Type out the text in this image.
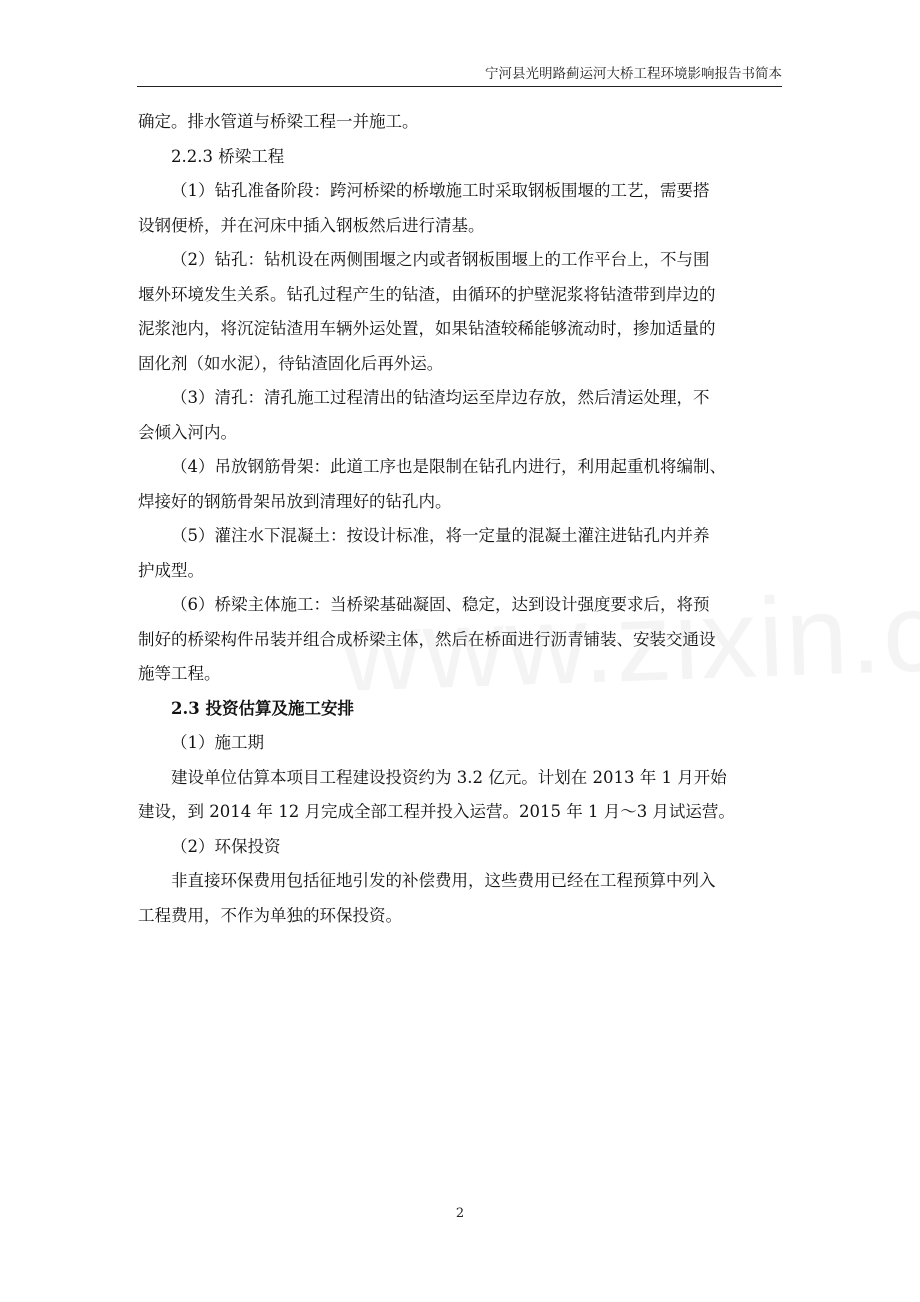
宁河县光明路蓟运河大桥工程环境影响报告书简本

确定。排水管道与桥梁工程一并施工。

2.2.3 桥梁工程

（1）钻孔准备阶段：跨河桥梁的桥墩施工时采取钢板围堰的工艺，需要搭
设钢便桥，并在河床中插入钢板然后进行清基。

（2）钻孔：钻机设在两侧围堰之内或者钢板围堰上的工作平台上，不与围
堰外环境发生关系。钻孔过程产生的钻渣，由循环的护壁泥浆将钻渣带到岸边的
泥浆池内，将沉淀钻渣用车辆外运处置，如果钻渣较稀能够流动时，掺加适量的
固化剂（如水泥），待钻渣固化后再外运。

（3）清孔：清孔施工过程清出的钻渣均运至岸边存放，然后清运处理，不
会倾入河内。

（4）吊放钢筋骨架：此道工序也是限制在钻孔内进行，利用起重机将编制、
焊接好的钢筋骨架吊放到清理好的钻孔内。

（5）灌注水下混凝土：按设计标准，将一定量的混凝土灌注进钻孔内并养
护成型。

（6）桥梁主体施工：当桥梁基础凝固、稳定，达到设计强度要求后，将预
制好的桥梁构件吊装并组合成桥梁主体，然后在桥面进行沥青铺装、安装交通设
施等工程。

2.3 投资估算及施工安排

（1）施工期

建设单位估算本项目工程建设投资约为 3.2 亿元。计划在 2013 年 1 月开始
建设，到 2014 年 12 月完成全部工程并投入运营。2015 年 1 月～3 月试运营。

（2）环保投资

非直接环保费用包括征地引发的补偿费用，这些费用已经在工程预算中列入
工程费用，不作为单独的环保投资。

2
